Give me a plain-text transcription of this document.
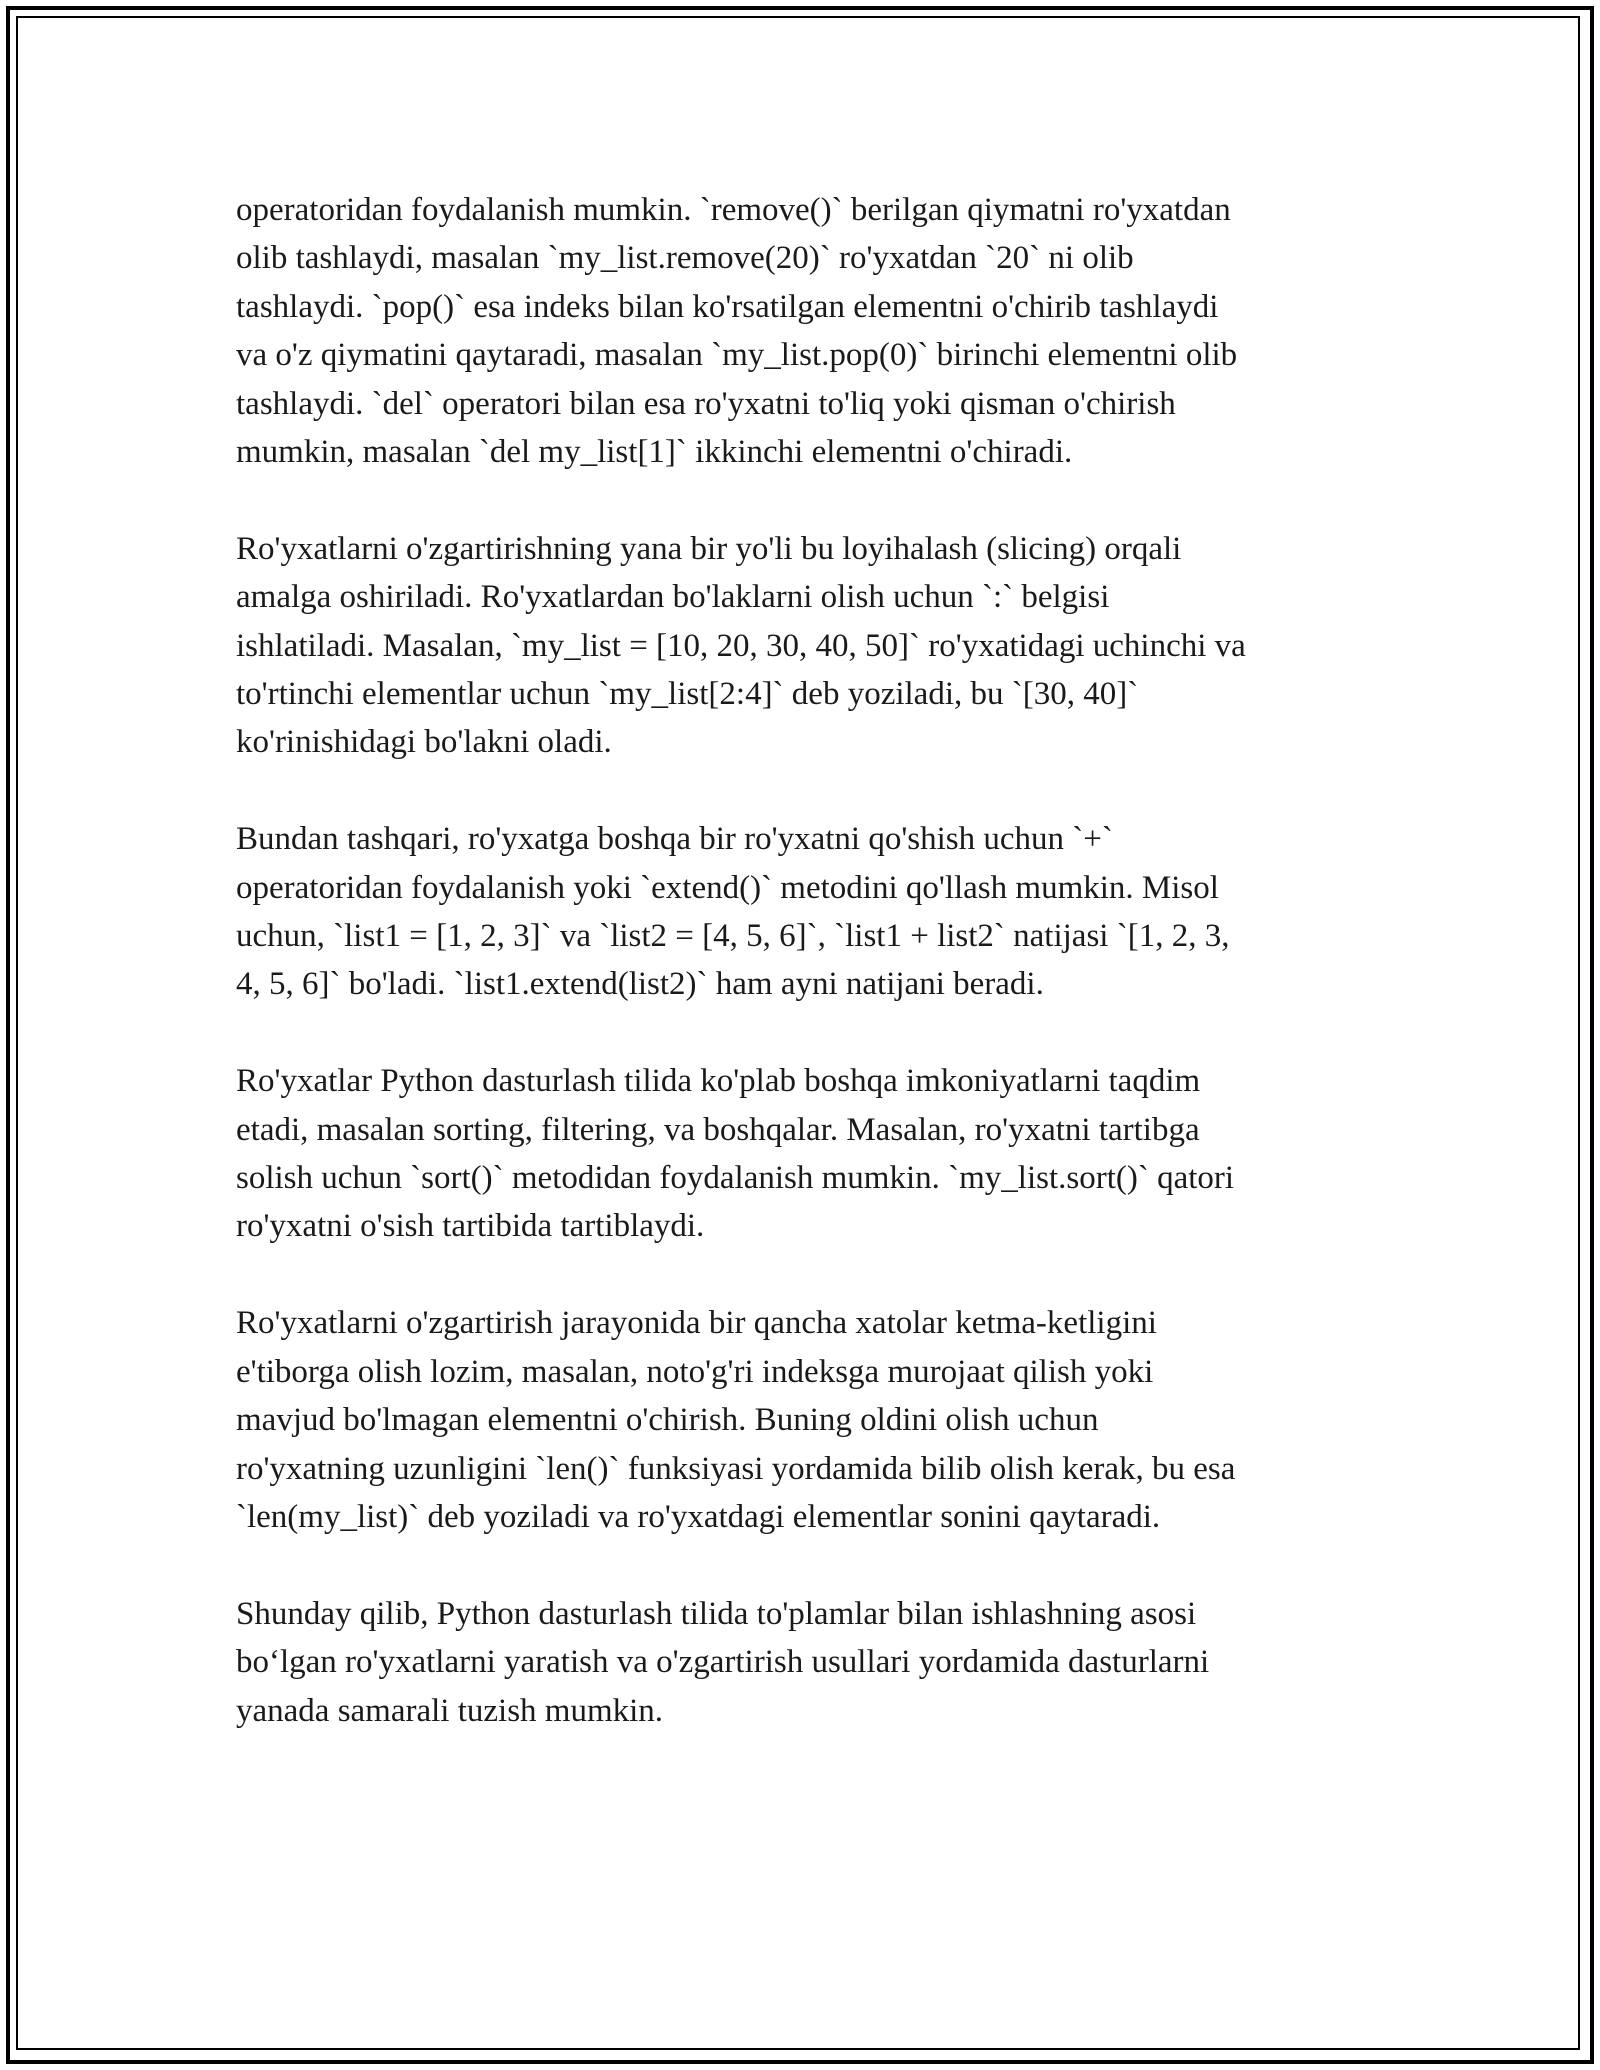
operatoridan foydalanish mumkin. `remove()` berilgan qiymatni ro'yxatdan
olib tashlaydi, masalan `my_list.remove(20)` ro'yxatdan `20` ni olib
tashlaydi. `pop()` esa indeks bilan ko'rsatilgan elementni o'chirib tashlaydi
va o'z qiymatini qaytaradi, masalan `my_list.pop(0)` birinchi elementni olib
tashlaydi. `del` operatori bilan esa ro'yxatni to'liq yoki qisman o'chirish
mumkin, masalan `del my_list[1]` ikkinchi elementni o'chiradi.

Ro'yxatlarni o'zgartirishning yana bir yo'li bu loyihalash (slicing) orqali
amalga oshiriladi. Ro'yxatlardan bo'laklarni olish uchun `:` belgisi
ishlatiladi. Masalan, `my_list = [10, 20, 30, 40, 50]` ro'yxatidagi uchinchi va
to'rtinchi elementlar uchun `my_list[2:4]` deb yoziladi, bu `[30, 40]`
ko'rinishidagi bo'lakni oladi.

Bundan tashqari, ro'yxatga boshqa bir ro'yxatni qo'shish uchun `+`
operatoridan foydalanish yoki `extend()` metodini qo'llash mumkin. Misol
uchun, `list1 = [1, 2, 3]` va `list2 = [4, 5, 6]`, `list1 + list2` natijasi `[1, 2, 3,
4, 5, 6]` bo'ladi. `list1.extend(list2)` ham ayni natijani beradi.

Ro'yxatlar Python dasturlash tilida ko'plab boshqa imkoniyatlarni taqdim
etadi, masalan sorting, filtering, va boshqalar. Masalan, ro'yxatni tartibga
solish uchun `sort()` metodidan foydalanish mumkin. `my_list.sort()` qatori
ro'yxatni o'sish tartibida tartiblaydi.

Ro'yxatlarni o'zgartirish jarayonida bir qancha xatolar ketma-ketligini
e'tiborga olish lozim, masalan, noto'g'ri indeksga murojaat qilish yoki
mavjud bo'lmagan elementni o'chirish. Buning oldini olish uchun
ro'yxatning uzunligini `len()` funksiyasi yordamida bilib olish kerak, bu esa
`len(my_list)` deb yoziladi va ro'yxatdagi elementlar sonini qaytaradi.

Shunday qilib, Python dasturlash tilida to'plamlar bilan ishlashning asosi
boʻlgan ro'yxatlarni yaratish va o'zgartirish usullari yordamida dasturlarni
yanada samarali tuzish mumkin.
